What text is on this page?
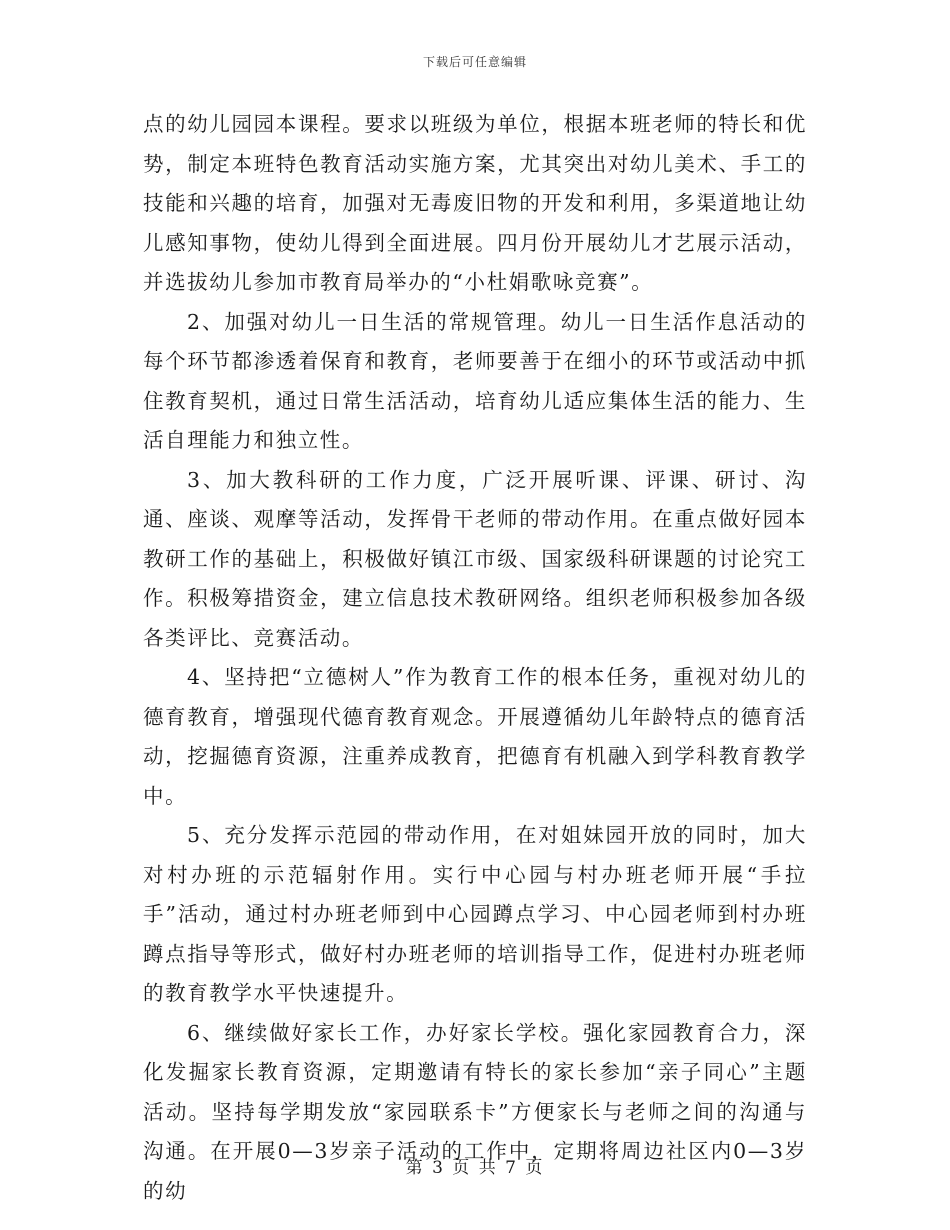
下载后可任意编辑

点的幼儿园园本课程。要求以班级为单位，根据本班老师的特长和优势，制定本班特色教育活动实施方案，尤其突出对幼儿美术、手工的技能和兴趣的培育，加强对无毒废旧物的开发和利用，多渠道地让幼儿感知事物，使幼儿得到全面进展。四月份开展幼儿才艺展示活动，并选拔幼儿参加市教育局举办的“小杜娟歌咏竞赛”。

2、加强对幼儿一日生活的常规管理。幼儿一日生活作息活动的每个环节都渗透着保育和教育，老师要善于在细小的环节或活动中抓住教育契机，通过日常生活活动，培育幼儿适应集体生活的能力、生活自理能力和独立性。

3、加大教科研的工作力度，广泛开展听课、评课、研讨、沟通、座谈、观摩等活动，发挥骨干老师的带动作用。在重点做好园本教研工作的基础上，积极做好镇江市级、国家级科研课题的讨论究工作。积极筹措资金，建立信息技术教研网络。组织老师积极参加各级各类评比、竞赛活动。

4、坚持把“立德树人”作为教育工作的根本任务，重视对幼儿的德育教育，增强现代德育教育观念。开展遵循幼儿年龄特点的德育活动，挖掘德育资源，注重养成教育，把德育有机融入到学科教育教学中。

5、充分发挥示范园的带动作用，在对姐妹园开放的同时，加大对村办班的示范辐射作用。实行中心园与村办班老师开展“手拉手”活动，通过村办班老师到中心园蹲点学习、中心园老师到村办班蹲点指导等形式，做好村办班老师的培训指导工作，促进村办班老师的教育教学水平快速提升。

6、继续做好家长工作，办好家长学校。强化家园教育合力，深化发掘家长教育资源，定期邀请有特长的家长参加“亲子同心”主题活动。坚持每学期发放“家园联系卡”方便家长与老师之间的沟通与沟通。在开展0—3岁亲子活动的工作中，定期将周边社区内0—3岁的幼

第 3 页 共 7 页
